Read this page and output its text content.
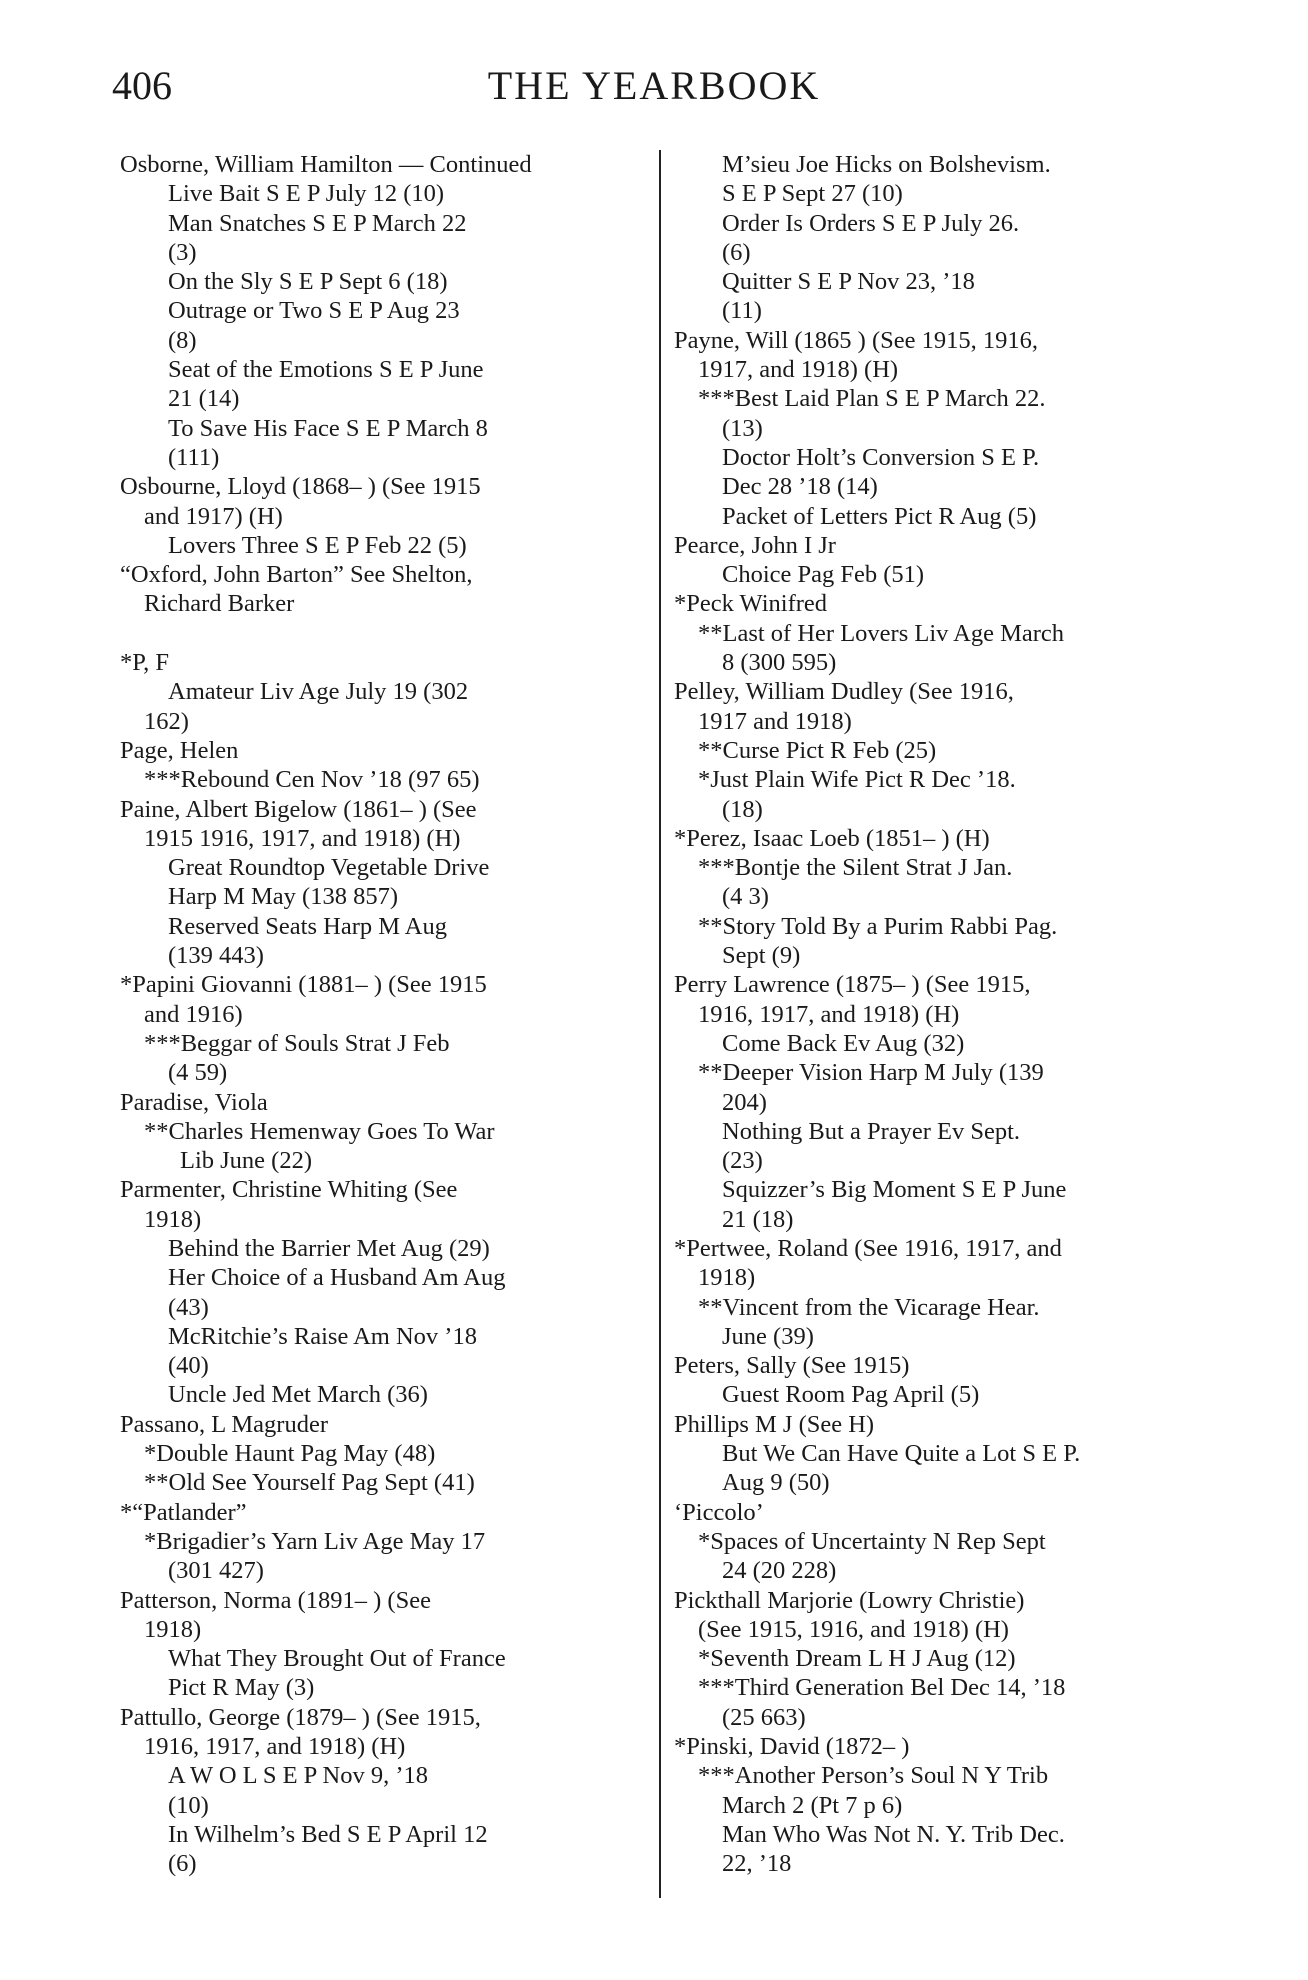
406	THE YEARBOOK
Osborne, William Hamilton — Continued
Live Bait S E P July 12 (10)
Man Snatches S E P March 22
(3)
On the Sly S E P Sept 6 (18)
Outrage or Two S E P Aug 23
(8)
Seat of the Emotions S E P June
21 (14)
To Save His Face S E P March 8
(111)
Osbourne, Lloyd (1868– ) (See 1915
and 1917) (H)
Lovers Three S E P Feb 22 (5)
“Oxford, John Barton” See Shelton,
Richard Barker
*P, F
Amateur Liv Age July 19 (302
162)
Page, Helen
***Rebound Cen Nov ’18 (97 65)
Paine, Albert Bigelow (1861– ) (See
1915 1916, 1917, and 1918) (H)
Great Roundtop Vegetable Drive
Harp M May (138 857)
Reserved Seats Harp M Aug
(139 443)
*Papini Giovanni (1881– ) (See 1915
and 1916)
***Beggar of Souls Strat J Feb
(4 59)
Paradise, Viola
**Charles Hemenway Goes To War
Lib June (22)
Parmenter, Christine Whiting (See
1918)
Behind the Barrier Met Aug (29)
Her Choice of a Husband Am Aug
(43)
McRitchie’s Raise Am Nov ’18
(40)
Uncle Jed Met March (36)
Passano, L Magruder
*Double Haunt Pag May (48)
**Old See Yourself Pag Sept (41)
*“Patlander”
*Brigadier’s Yarn Liv Age May 17
(301 427)
Patterson, Norma (1891– ) (See
1918)
What They Brought Out of France
Pict R May (3)
Pattullo, George (1879– ) (See 1915,
1916, 1917, and 1918) (H)
A W O L S E P Nov 9, ’18
(10)
In Wilhelm’s Bed S E P April 12
(6)
M’sieu Joe Hicks on Bolshevism.
S E P Sept 27 (10)
Order Is Orders S E P July 26.
(6)
Quitter S E P Nov 23, ’18
(11)
Payne, Will (1865 ) (See 1915, 1916,
1917, and 1918) (H)
***Best Laid Plan S E P March 22.
(13)
Doctor Holt’s Conversion S E P.
Dec 28 ’18 (14)
Packet of Letters Pict R Aug (5)
Pearce, John I Jr
Choice Pag Feb (51)
*Peck Winifred
**Last of Her Lovers Liv Age March
8 (300 595)
Pelley, William Dudley (See 1916,
1917 and 1918)
**Curse Pict R Feb (25)
*Just Plain Wife Pict R Dec ’18.
(18)
*Perez, Isaac Loeb (1851– ) (H)
***Bontje the Silent Strat J Jan.
(4 3)
**Story Told By a Purim Rabbi Pag.
Sept (9)
Perry Lawrence (1875– ) (See 1915,
1916, 1917, and 1918) (H)
Come Back Ev Aug (32)
**Deeper Vision Harp M July (139
204)
Nothing But a Prayer Ev Sept.
(23)
Squizzer’s Big Moment S E P June
21 (18)
*Pertwee, Roland (See 1916, 1917, and
1918)
**Vincent from the Vicarage Hear.
June (39)
Peters, Sally (See 1915)
Guest Room Pag April (5)
Phillips M J (See H)
But We Can Have Quite a Lot S E P.
Aug 9 (50)
‘Piccolo’
*Spaces of Uncertainty N Rep Sept
24 (20 228)
Pickthall Marjorie (Lowry Christie)
(See 1915, 1916, and 1918) (H)
*Seventh Dream L H J Aug (12)
***Third Generation Bel Dec 14, ’18
(25 663)
*Pinski, David (1872– )
***Another Person’s Soul N Y Trib
March 2 (Pt 7 p 6)
Man Who Was Not N. Y. Trib Dec.
22, ’18
